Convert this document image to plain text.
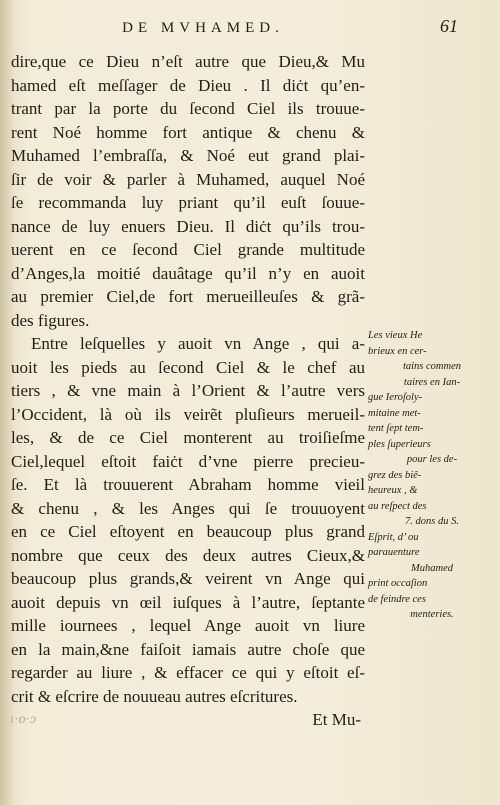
DE MVHAMED.	61
dire,que ce Dieu n’eſt autre que Dieu,& Mu
hamed eſt meſſager de Dieu . Il diċt qu’en-
trant par la porte du ſecond Ciel ils trouue-
rent Noé homme fort antique & chenu &
Muhamed l’embraſſa, & Noé eut grand plai-
ſir de voir & parler à Muhamed, auquel Noé
ſe recommanda luy priant qu’il euſt ſouue-
nance de luy enuers Dieu. Il diċt qu’ils trou-
uerent en ce ſecond Ciel grande multitude
d’Anges,la moitié dauâtage qu’il n’y en auoit
au premier Ciel,de fort merueilleuſes & grã-
des figures.
Entre leſquelles y auoit vn Ange , qui a-
uoit les pieds au ſecond Ciel & le chef au
tiers , & vne main à l’Orient & l’autre vers
l’Occident, là où ils veirẽt pluſieurs merueil-
les, & de ce Ciel monterent au troiſieſme
Ciel,lequel eſtoit faiċt d’vne pierre precieu-
ſe. Et là trouuerent Abraham homme vieil
& chenu , & les Anges qui ſe trouuoyent
en ce Ciel eſtoyent en beaucoup plus grand
nombre que ceux des deux autres Cieux,&
beaucoup plus grands,& veirent vn Ange qui
auoit depuis vn œil iuſques à l’autre, ſeptante
mille iournees , lequel Ange auoit vn liure
en la main,&ne faiſoit iamais autre choſe que
regarder au liure , & effacer ce qui y eſtoit eſ-
crit & eſcrire de nouueau autres eſcritures.
Et Mu-
Les vieux He
brieux en cer-
tains commen
taires en Ian-
gue Ieroſoly-
mitaine met-
tent ſept tem-
ples ſuperieurs
pour les de-
grez des biê-
heureux , &
au reſpect des
7. dons du S.
Eſprit, d’ ou
parauenture
Muhamed
print occaſion
de feindre ces
menteries.
ι·ο·ɔ
